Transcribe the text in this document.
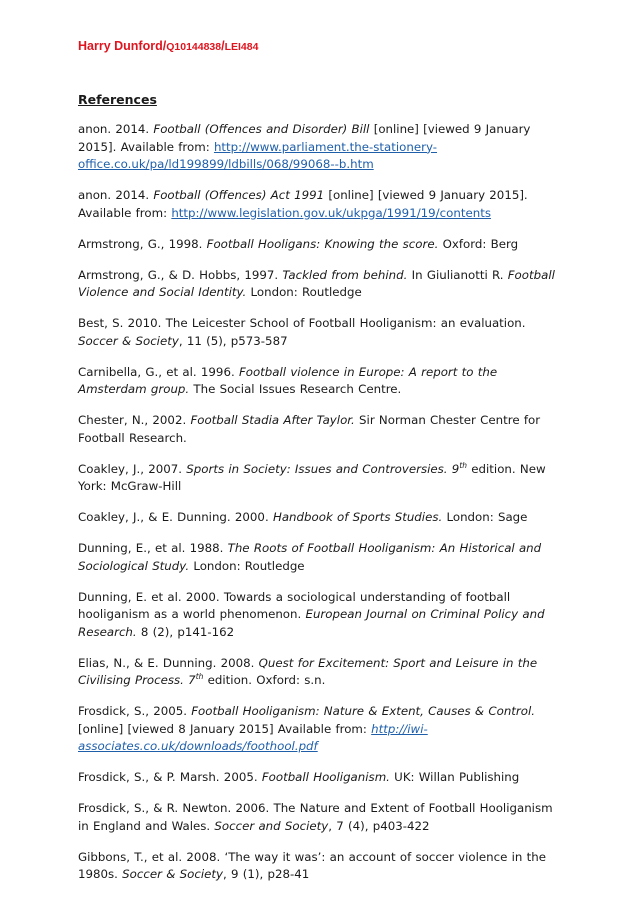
Harry Dunford/Q10144838/LEI484
References

anon. 2014. Football (Offences and Disorder) Bill [online] [viewed 9 January 2015]. Available from: http://www.parliament.the-stationery-office.co.uk/pa/ld199899/ldbills/068/99068--b.htm

anon. 2014. Football (Offences) Act 1991 [online] [viewed 9 January 2015]. Available from: http://www.legislation.gov.uk/ukpga/1991/19/contents

Armstrong, G., 1998. Football Hooligans: Knowing the score. Oxford: Berg

Armstrong, G., & D. Hobbs, 1997. Tackled from behind. In Giulianotti R. Football Violence and Social Identity. London: Routledge

Best, S. 2010. The Leicester School of Football Hooliganism: an evaluation. Soccer & Society, 11 (5), p573-587

Carnibella, G., et al. 1996. Football violence in Europe: A report to the Amsterdam group. The Social Issues Research Centre.

Chester, N., 2002. Football Stadia After Taylor. Sir Norman Chester Centre for Football Research.

Coakley, J., 2007. Sports in Society: Issues and Controversies. 9th edition. New York: McGraw-Hill

Coakley, J., & E. Dunning. 2000. Handbook of Sports Studies. London: Sage

Dunning, E., et al. 1988. The Roots of Football Hooliganism: An Historical and Sociological Study. London: Routledge

Dunning, E. et al. 2000. Towards a sociological understanding of football hooliganism as a world phenomenon. European Journal on Criminal Policy and Research. 8 (2), p141-162

Elias, N., & E. Dunning. 2008. Quest for Excitement: Sport and Leisure in the Civilising Process. 7th edition. Oxford: s.n.

Frosdick, S., 2005. Football Hooliganism: Nature & Extent, Causes & Control. [online] [viewed 8 January 2015] Available from: http://iwi-associates.co.uk/downloads/foothool.pdf

Frosdick, S., & P. Marsh. 2005. Football Hooliganism. UK: Willan Publishing

Frosdick, S., & R. Newton. 2006. The Nature and Extent of Football Hooliganism in England and Wales. Soccer and Society, 7 (4), p403-422

Gibbons, T., et al. 2008. ‘The way it was’: an account of soccer violence in the 1980s. Soccer & Society, 9 (1), p28-41
